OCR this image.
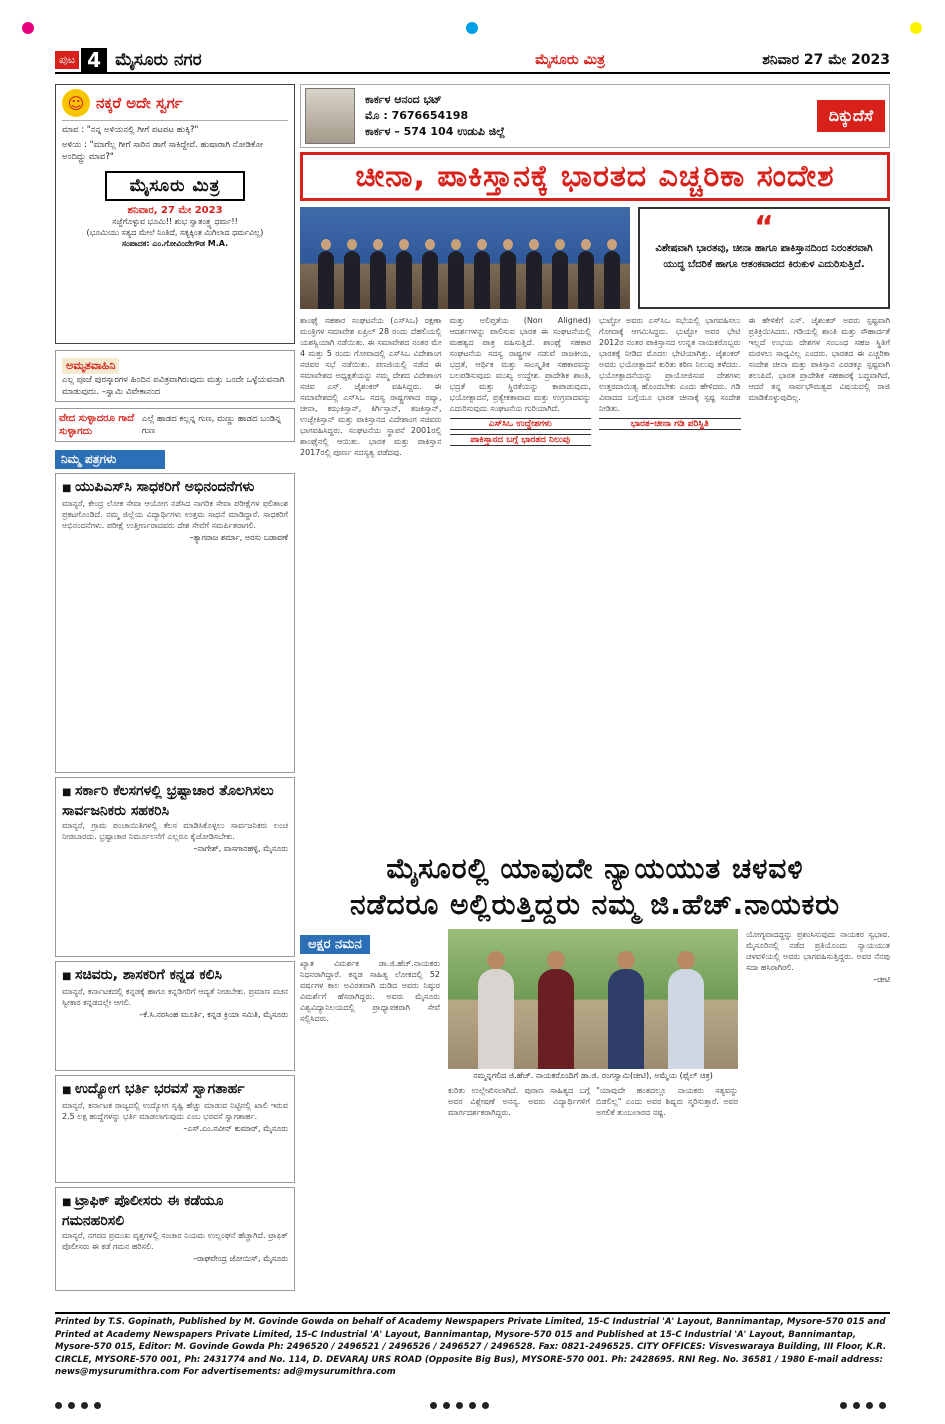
ಪುಟ 4 ಮೈಸೂರು ನಗರ	ಮೈಸೂರು ಮಿತ್ರ	ಶನಿವಾರ 27 ಮೇ 2023
☺ ನಕ್ಕರೆ ಅದೇ ಸ್ವರ್ಗ

ಮಾವ : "ನನ್ನ ಅಳಿಯನಲ್ಲಿ ಗೀಗೆ ಪಟಪಟ ಹುಕ್ಕಿ?"

ಅಳಿಯ : "ಮಾಗೆಲ್ಲ ಗೀಗೆ ಸಾರಿನ ಡಾಗೆ ಸಾಕಿದ್ದೇವೆ. ಹುಷಾರಾಗಿ ನೋಡಿಕೋ ಅಂದಿದ್ದ್ರು ಮಾವ?"

ಮೈಸೂರು ಮಿತ್ರ
ಶನಿವಾರ, 27 ಮೇ 2023
ಸಜ್ಜೆಗೊಳ್ಳುವ ಭೂಮಿ!! ಶುಭ ಸ್ವಾತಂತ್ರ್ಯ ಧರ್ಮ!!
(ಭೂಮಿಯು ಸತ್ಯದ ಮೇಲೆ ನಿಂತಿದೆ, ಸತ್ಯಕ್ಕಿಂತ ಮಿಗಿಲಾದ ಧರ್ಮವಿಲ್ಲ)
ಸಂಪಾದಕ: ಎಂ.ಗೋವಿಂದೇಗೌಡ M.A.
ಅಮೃತವಾಹಿನಿ

ಎಲ್ಲ ಪೂಜೆ ಪುರಸ್ಕಾರಗಳ ಹಿಂದಿನ ಪವಿತ್ರವಾಗಿರುವುದು ಮತ್ತು ಒಂದೇ ಒಳ್ಳೆಯವನಾಗಿ ಮಾಡುವುದು. –ಸ್ವಾಮಿ ವಿವೇಕಾನಂದ

ವೇದ ಸುಳ್ಳಾದರೂ ಗಾದೆ ಸುಳ್ಳಾಗದು
ಎಲ್ಲೆ ಹಾಡದ ಕಲ್ಲನ್ನ ಗುಣ, ಮಣ್ಣು ಹಾಡದ ಬಂಡಿನ್ನ ಗುಣ
ನಿಮ್ಮ ಪತ್ರಗಳು
■ ಯುಪಿಎಸ್‌ಸಿ ಸಾಧಕರಿಗೆ ಅಭಿನಂದನೆಗಳು
ಮಾನ್ಯರೆ, ಕೇಂದ್ರ ಲೋಕ ಸೇವಾ ಆಯೋಗ ನಡೆಸಿದ ನಾಗರಿಕ ಸೇವಾ ಪರೀಕ್ಷೆಗಳ ಫಲಿತಾಂಶ ಪ್ರಕಟಗೊಂಡಿದೆ. ನಮ್ಮ ಜಿಲ್ಲೆಯ ವಿದ್ಯಾರ್ಥಿಗಳು ಉತ್ತಮ ಸಾಧನೆ ಮಾಡಿದ್ದಾರೆ. ಸಾಧಕರಿಗೆ ಅಭಿನಂದನೆಗಳು. ಪರೀಕ್ಷೆ ಉತ್ತೀರ್ಣರಾದವರು ದೇಶ ಸೇವೆಗೆ ಸಮರ್ಪಿತರಾಗಲಿ.
–ತ್ಯಾಗರಾಜ ಶರ್ಮಾ, ಅರಸು ಬಡಾವಣೆ
■ ಸರ್ಕಾರಿ ಕೆಲಸಗಳಲ್ಲಿ ಭ್ರಷ್ಟಾಚಾರ ತೊಲಗಿಸಲು ಸಾರ್ವಜನಿಕರು ಸಹಕರಿಸಿ
ಮಾನ್ಯರೆ, ಗ್ರಾಮ ಪಂಚಾಯಿತಿಗಳಲ್ಲಿ ಕೆಲಸ ಮಾಡಿಸಿಕೊಳ್ಳಲು ಸಾರ್ವಜನಿಕರು ಲಂಚ ನೀಡಬಾರದು. ಭ್ರಷ್ಟಾಚಾರ ನಿರ್ಮೂಲನೆಗೆ ಎಲ್ಲರೂ ಕೈಜೋಡಿಸಬೇಕು.
–ನಾಗೇಶ್, ವಾಸಗಾನಹಳ್ಳಿ, ಮೈಸೂರು
■ ಸಚಿವರು, ಶಾಸಕರಿಗೆ ಕನ್ನಡ ಕಲಿಸಿ
ಮಾನ್ಯರೆ, ಕರ್ನಾಟಕದಲ್ಲಿ ಕನ್ನಡಕ್ಕೆ ಹಾಗೂ ಕನ್ನಡಿಗರಿಗೆ ಆದ್ಯತೆ ನೀಡಬೇಕು. ಪ್ರಮಾಣ ವಚನ ಸ್ವೀಕಾರ ಕನ್ನಡದಲ್ಲೇ ಆಗಲಿ.
–ಕೆ.ಸಿ.ನರಸಿಂಹ ಮೂರ್ತಿ, ಕನ್ನಡ ಕ್ರಿಯಾ ಸಮಿತಿ, ಮೈಸೂರು
■ ಉದ್ಯೋಗ ಭರ್ತಿ ಭರವಸೆ ಸ್ವಾಗತಾರ್ಹ
ಮಾನ್ಯರೆ, ಕರ್ನಾಟಕ ರಾಜ್ಯದಲ್ಲಿ ಉದ್ಯೋಗ ಸೃಷ್ಟಿ ಹೆಚ್ಚು ಮಾಡುವ ನಿಟ್ಟಿನಲ್ಲಿ ಖಾಲಿ ಇರುವ 2.5 ಲಕ್ಷ ಹುದ್ದೆಗಳನ್ನು ಭರ್ತಿ ಮಾಡಲಾಗುವುದು ಎಂಬ ಭರವಸೆ ಸ್ವಾಗತಾರ್ಹ.
–ಎಸ್.ಎಂ.ನವೀನ್ ಕುಮಾರ್, ಮೈಸೂರು
■ ಟ್ರಾಫಿಕ್ ಪೊಲೀಸರು ಈ ಕಡೆಯೂ ಗಮನಹರಿಸಲಿ
ಮಾನ್ಯರೆ, ನಗರದ ಪ್ರಮುಖ ವೃತ್ತಗಳಲ್ಲಿ ಸಂಚಾರ ನಿಯಮ ಉಲ್ಲಂಘನೆ ಹೆಚ್ಚಾಗಿದೆ. ಟ್ರಾಫಿಕ್ ಪೊಲೀಸರು ಈ ಕಡೆ ಗಮನ ಹರಿಸಲಿ.
–ರಾಘವೇಂದ್ರ ಜೋಯಿಸ್, ಮೈಸೂರು
ಕಾರ್ಕಳ ಆನಂದ ಭಟ್
ಮೊ : 7676654198
ಕಾರ್ಕಳ – 574 104 ಉಡುಪಿ ಜಿಲ್ಲೆ
ದಿಕ್ಕುದೆಸೆ
ಚೀನಾ, ಪಾಕಿಸ್ತಾನಕ್ಕೆ ಭಾರತದ ಎಚ್ಚರಿಕಾ ಸಂದೇಶ
“

ವಿಶೇಷವಾಗಿ ಭಾರತವು, ಚೀನಾ ಹಾಗೂ ಪಾಕಿಸ್ತಾನದಿಂದ ನಿರಂತರವಾಗಿ ಯುದ್ಧ ಬೆದರಿಕೆ ಹಾಗೂ ಆತಂಕವಾದದ ಕಿರುಕುಳ ಎದುರಿಸುತ್ತಿದೆ.

ಶಾಂಘೈ ಸಹಕಾರ ಸಂಘಟನೆಯ (ಎಸ್‌ಸಿಒ) ರಕ್ಷಣಾ ಮಂತ್ರಿಗಳ ಸಮಾವೇಶ ಏಪ್ರಿಲ್ 28 ರಂದು ದೆಹಲಿಯಲ್ಲಿ ಯಶಸ್ವಿಯಾಗಿ ನಡೆಯಿತು. ಈ ಸಮಾವೇಶದ ನಂತರ ಮೇ 4 ಮತ್ತು 5 ರಂದು ಗೋವಾದಲ್ಲಿ ಎಸ್‌ಸಿಒ ವಿದೇಶಾಂಗ ಸಚಿವರ ಸಭೆ ನಡೆಯಿತು. ಪಣಜಿಯಲ್ಲಿ ನಡೆದ ಈ ಸಮಾವೇಶದ ಅಧ್ಯಕ್ಷತೆಯನ್ನು ನಮ್ಮ ದೇಶದ ವಿದೇಶಾಂಗ ಸಚಿವ ಎಸ್. ಜೈಶಂಕರ್ ವಹಿಸಿದ್ದರು. ಈ ಸಮಾವೇಶದಲ್ಲಿ ಎಸ್‌ಸಿಒ ಸದಸ್ಯ ರಾಷ್ಟ್ರಗಳಾದ ರಷ್ಯಾ, ಚೀನಾ, ಕಝಕಿಸ್ತಾನ್, ಕಿರ್ಗಿಸ್ತಾನ್, ತಜಕಿಸ್ತಾನ್, ಉಜ್ಬೇಕಿಸ್ತಾನ್ ಮತ್ತು ಪಾಕಿಸ್ತಾನದ ವಿದೇಶಾಂಗ ಸಚಿವರು ಭಾಗವಹಿಸಿದ್ದರು. ಸಂಘಟನೆಯ ಸ್ಥಾಪನೆ 2001ರಲ್ಲಿ ಶಾಂಘೈನಲ್ಲಿ ಆಯಿತು. ಭಾರತ ಮತ್ತು ಪಾಕಿಸ್ತಾನ 2017ರಲ್ಲಿ ಪೂರ್ಣ ಸದಸ್ಯತ್ವ ಪಡೆದವು.
ಮತ್ತು ಅಲಿಪ್ತತೆಯ (Non Aligned) ಆದರ್ಶಗಳನ್ನು ಪಾಲಿಸುವ ಭಾರತ ಈ ಸಂಘಟನೆಯಲ್ಲಿ ಮಹತ್ವದ ಪಾತ್ರ ವಹಿಸುತ್ತಿದೆ. ಶಾಂಘೈ ಸಹಕಾರ ಸಂಘಟನೆಯ ಸದಸ್ಯ ರಾಷ್ಟ್ರಗಳ ನಡುವೆ ರಾಜಕೀಯ, ಭದ್ರತೆ, ಆರ್ಥಿಕ ಮತ್ತು ಸಾಂಸ್ಕೃತಿಕ ಸಹಕಾರವನ್ನು ಬಲಪಡಿಸುವುದು ಮುಖ್ಯ ಉದ್ದೇಶ. ಪ್ರಾದೇಶಿಕ ಶಾಂತಿ, ಭದ್ರತೆ ಮತ್ತು ಸ್ಥಿರತೆಯನ್ನು ಕಾಪಾಡುವುದು, ಭಯೋತ್ಪಾದನೆ, ಪ್ರತ್ಯೇಕತಾವಾದ ಮತ್ತು ಉಗ್ರವಾದವನ್ನು ಎದುರಿಸುವುದು ಸಂಘಟನೆಯ ಗುರಿಯಾಗಿದೆ.
ಎಸ್‌ಸಿಒ ಉದ್ದೇಶಗಳು
ಪಾಕಿಸ್ತಾನದ ಬಗ್ಗೆ ಭಾರತದ ನಿಲುವು
ಭುಟ್ಟೋ ಅವರು ಎಸ್‌ಸಿಒ ಸಭೆಯಲ್ಲಿ ಭಾಗವಹಿಸಲು ಗೋವಾಕ್ಕೆ ಆಗಮಿಸಿದ್ದರು. ಭುಟ್ಟೋ ಅವರ ಭೇಟಿ 2012ರ ನಂತರ ಪಾಕಿಸ್ತಾನದ ಉನ್ನತ ನಾಯಕರೊಬ್ಬರು ಭಾರತಕ್ಕೆ ನೀಡಿದ ಮೊದಲ ಭೇಟಿಯಾಗಿತ್ತು. ಜೈಶಂಕರ್ ಅವರು ಭಯೋತ್ಪಾದನೆ ಕುರಿತು ಕಠಿಣ ನಿಲುವು ತಳೆದರು. ಭಯೋತ್ಪಾದನೆಯನ್ನು ಪ್ರಾಯೋಜಿಸುವ ದೇಶಗಳು ಉತ್ತರದಾಯಿತ್ವ ಹೊಂದಬೇಕು ಎಂದು ಹೇಳಿದರು. ಗಡಿ ವಿವಾದದ ಬಗ್ಗೆಯೂ ಭಾರತ ಚೀನಾಕ್ಕೆ ಸ್ಪಷ್ಟ ಸಂದೇಶ ನೀಡಿತು.
ಭಾರತ–ಚೀನಾ ಗಡಿ ಪರಿಸ್ಥಿತಿ
ಈ ಹೇಳಿಕೆಗೆ ಎಸ್. ಜೈಶಂಕರ್ ಅವರು ಸ್ಪಷ್ಟವಾಗಿ ಪ್ರತಿಕ್ರಿಯಿಸಿದರು. ಗಡಿಯಲ್ಲಿ ಶಾಂತಿ ಮತ್ತು ಸೌಹಾರ್ದತೆ ಇಲ್ಲದೆ ಉಭಯ ದೇಶಗಳ ಸಂಬಂಧ ಸಹಜ ಸ್ಥಿತಿಗೆ ಮರಳಲು ಸಾಧ್ಯವಿಲ್ಲ ಎಂದರು. ಭಾರತದ ಈ ಎಚ್ಚರಿಕಾ ಸಂದೇಶ ಚೀನಾ ಮತ್ತು ಪಾಕಿಸ್ತಾನ ಎರಡಕ್ಕೂ ಸ್ಪಷ್ಟವಾಗಿ ತಲುಪಿದೆ. ಭಾರತ ಪ್ರಾದೇಶಿಕ ಸಹಕಾರಕ್ಕೆ ಬದ್ಧವಾಗಿದೆ, ಆದರೆ ತನ್ನ ಸಾರ್ವಭೌಮತ್ವದ ವಿಷಯದಲ್ಲಿ ರಾಜಿ ಮಾಡಿಕೊಳ್ಳುವುದಿಲ್ಲ.
ಮೈಸೂರಲ್ಲಿ ಯಾವುದೇ ನ್ಯಾಯಯುತ ಚಳವಳಿ
ನಡೆದರೂ ಅಲ್ಲಿರುತ್ತಿದ್ದರು ನಮ್ಮ ಜಿ.ಹೆಚ್.ನಾಯಕರು
ಅಕ್ಷರ ನಮನ
ಖ್ಯಾತ ವಿಮರ್ಶಕ ಡಾ.ಜಿ.ಹೆಚ್.ನಾಯಕರು ನಿಧನರಾಗಿದ್ದಾರೆ. ಕನ್ನಡ ಸಾಹಿತ್ಯ ಲೋಕದಲ್ಲಿ 52 ವರ್ಷಗಳ ಕಾಲ ಅವಿರತವಾಗಿ ದುಡಿದ ಅವರು ನಿಷ್ಠುರ ವಿಮರ್ಶೆಗೆ ಹೆಸರಾಗಿದ್ದರು. ಅವರು ಮೈಸೂರು ವಿಶ್ವವಿದ್ಯಾನಿಲಯದಲ್ಲಿ ಪ್ರಾಧ್ಯಾಪಕರಾಗಿ ಸೇವೆ ಸಲ್ಲಿಸಿದರು.
ನಮ್ಮನ್ನಗಲಿದ ಜಿ.ಹೆಚ್. ನಾಯಕರೊಂದಿಗೆ ಡಾ.ಜಿ. ರಂಗಸ್ವಾಮಿ(ಚೀಟಿ), ಅಮ್ಮೆಯ (ಫೈಲ್ ಚಿತ್ರ)
ಕುರಿತು ಉಲ್ಲೇಖಿಸಲಾಗಿದೆ. ಪುರಾಣ ಸಾಹಿತ್ಯದ ಬಗ್ಗೆ ಅವರ ವಿಶ್ಲೇಷಣೆ ಅನನ್ಯ. ಅವರು ವಿದ್ಯಾರ್ಥಿಗಳಿಗೆ ಮಾರ್ಗದರ್ಶಕರಾಗಿದ್ದರು.
"ಯಾವುದೇ ಹಂತದಲ್ಲೂ ನಾಯಕರು ಸತ್ಯವನ್ನು ಬಿಡಲಿಲ್ಲ" ಎಂದು ಅವರ ಶಿಷ್ಯರು ಸ್ಮರಿಸುತ್ತಾರೆ. ಅವರ ಅಗಲಿಕೆ ತುಂಬಲಾರದ ನಷ್ಟ.
ಯೋಗ್ಯವಾದದ್ದನ್ನು ಪ್ರಶಂಸಿಸುವುದು ನಾಯಕರ ಸ್ವಭಾವ. ಮೈಸೂರಿನಲ್ಲಿ ನಡೆದ ಪ್ರತಿಯೊಂದು ನ್ಯಾಯಯುತ ಚಳವಳಿಯಲ್ಲಿ ಅವರು ಭಾಗವಹಿಸುತ್ತಿದ್ದರು. ಅವರ ನೆನಪು ಸದಾ ಹಸಿರಾಗಿರಲಿ.
–ಚೀಟಿ
Printed by T.S. Gopinath, Published by M. Govinde Gowda on behalf of Academy Newspapers Private Limited, 15-C Industrial 'A' Layout, Bannimantap, Mysore-570 015 and Printed at Academy Newspapers Private Limited, 15-C Industrial 'A' Layout, Bannimantap, Mysore-570 015 and Published at 15-C Industrial 'A' Layout, Bannimantap, Mysore-570 015, Editor: M. Govinde Gowda Ph: 2496520 / 2496521 / 2496526 / 2496527 / 2496528. Fax: 0821-2496525. CITY OFFICES: Visveswaraya Building, III Floor, K.R. CIRCLE, MYSORE-570 001, Ph: 2431774 and No. 114, D. DEVARAJ URS ROAD (Opposite Big Bus), MYSORE-570 001. Ph: 2428695. RNI Reg. No. 36581 / 1980 E-mail address: news@mysurumithra.com For advertisements: ad@mysurumithra.com
